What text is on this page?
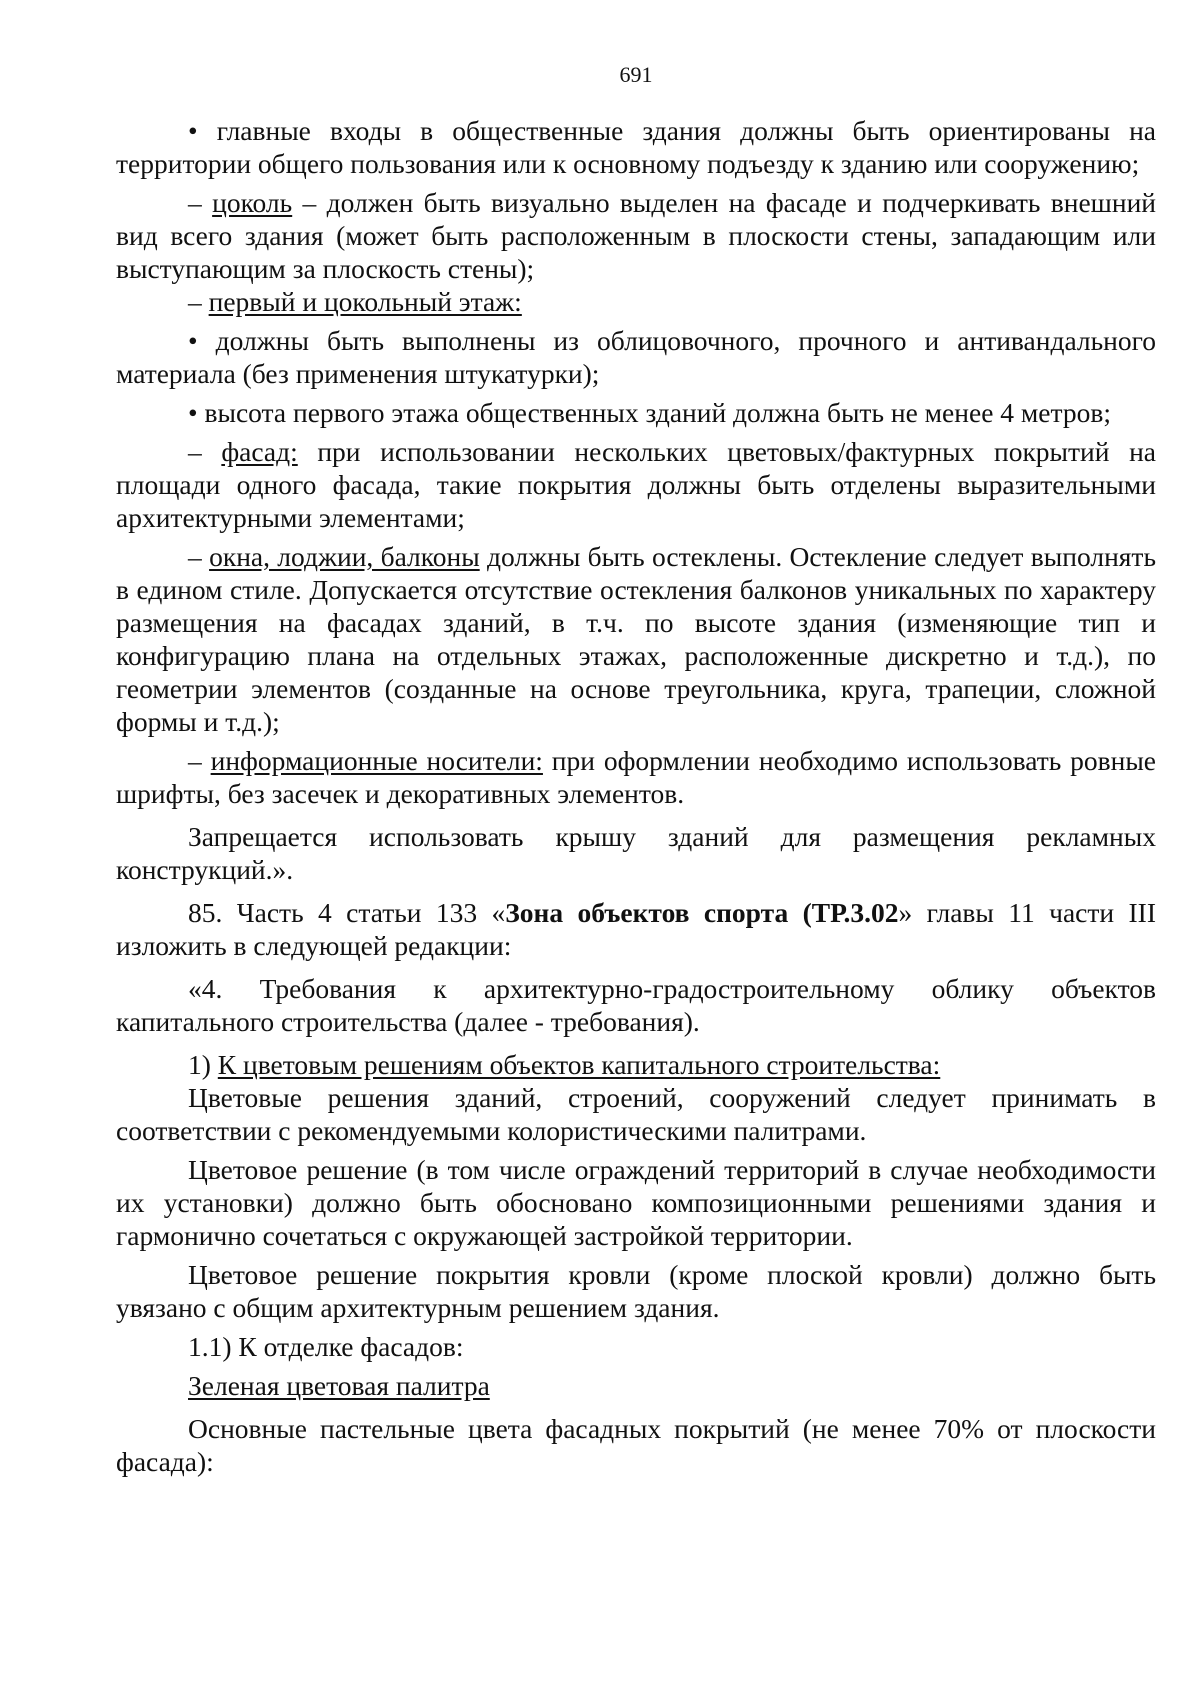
691

• главные входы в общественные здания должны быть ориентированы на территории общего пользования или к основному подъезду к зданию или сооружению;

– цоколь – должен быть визуально выделен на фасаде и подчеркивать внешний вид всего здания (может быть расположенным в плоскости стены, западающим или выступающим за плоскость стены);

– первый и цокольный этаж:

• должны быть выполнены из облицовочного, прочного и антивандального материала (без применения штукатурки);

• высота первого этажа общественных зданий должна быть не менее 4 метров;

– фасад: при использовании нескольких цветовых/фактурных покрытий на площади одного фасада, такие покрытия должны быть отделены выразительными архитектурными элементами;

– окна, лоджии, балконы должны быть остеклены. Остекление следует выполнять в едином стиле. Допускается отсутствие остекления балконов уникальных по характеру размещения на фасадах зданий, в т.ч. по высоте здания (изменяющие тип и конфигурацию плана на отдельных этажах, расположенные дискретно и т.д.), по геометрии элементов (созданные на основе треугольника, круга, трапеции, сложной формы и т.д.);

– информационные носители: при оформлении необходимо использовать ровные шрифты, без засечек и декоративных элементов.

Запрещается использовать крышу зданий для размещения рекламных конструкций.».

85. Часть 4 статьи 133 «Зона объектов спорта (ТР.3.02» главы 11 части III изложить в следующей редакции:

«4. Требования к архитектурно-градостроительному облику объектов капитального строительства (далее - требования).

1) К цветовым решениям объектов капитального строительства:

Цветовые решения зданий, строений, сооружений следует принимать в соответствии с рекомендуемыми колористическими палитрами.

Цветовое решение (в том числе ограждений территорий в случае необходимости их установки) должно быть обосновано композиционными решениями здания и гармонично сочетаться с окружающей застройкой территории.

Цветовое решение покрытия кровли (кроме плоской кровли) должно быть увязано с общим архитектурным решением здания.

1.1) К отделке фасадов:

Зеленая цветовая палитра

Основные пастельные цвета фасадных покрытий (не менее 70% от плоскости фасада):
